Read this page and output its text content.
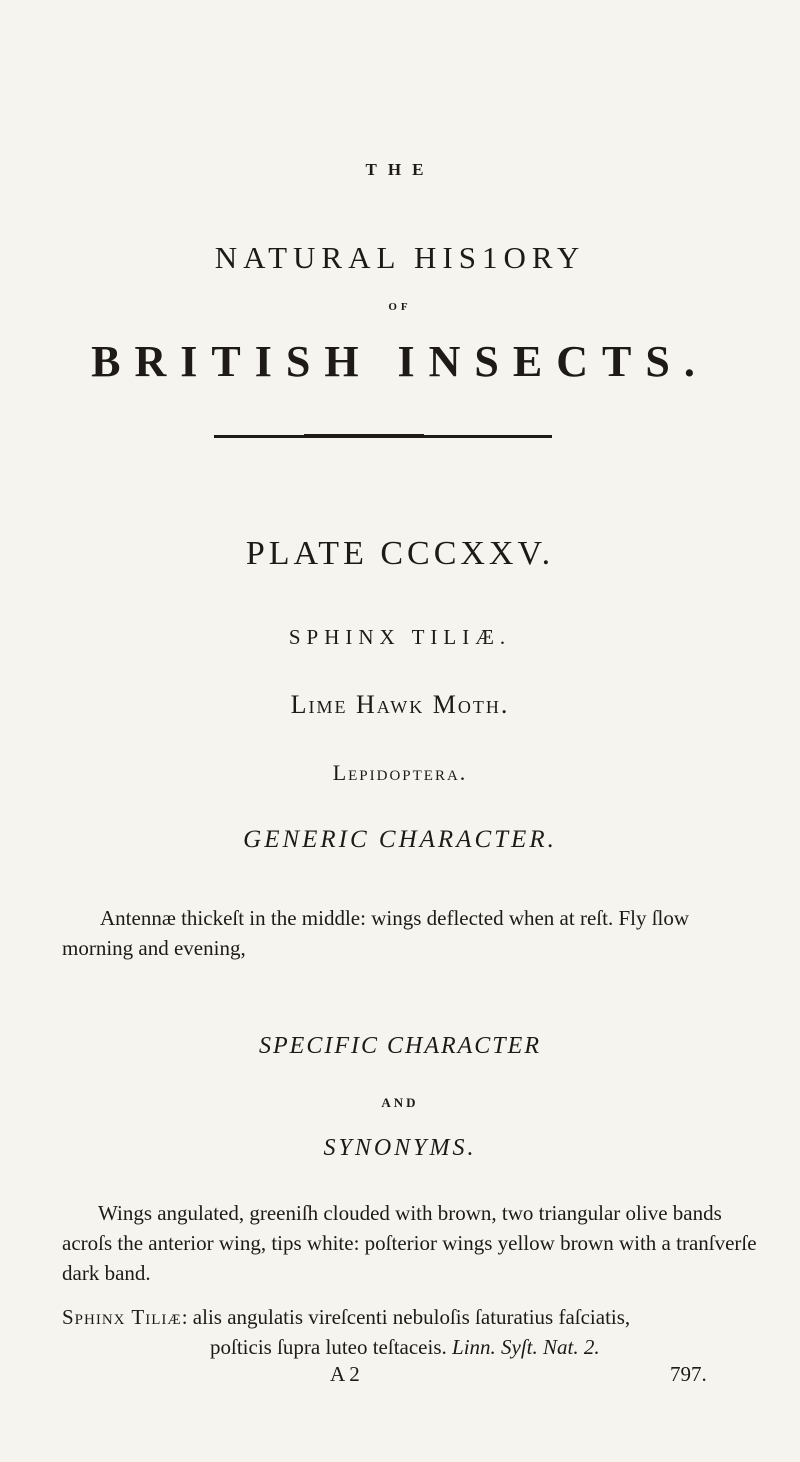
THE
NATURAL HIS1ORY
OF
BRITISH INSECTS.
PLATE CCCXXV.
SPHINX TILIÆ.
Lime Hawk Moth.
Lepidoptera.
GENERIC CHARACTER.
Antennæ thickeſt in the middle: wings deflected when at reſt. Fly ſlow morning and evening,
SPECIFIC CHARACTER
AND
SYNONYMS.
Wings angulated, greeniſh clouded with brown, two triangular olive bands acroſs the anterior wing, tips white: poſterior wings yellow brown with a tranſverſe dark band.
Sphinx Tiliæ: alis angulatis vireſcenti nebuloſis ſaturatius faſciatis,
poſticis ſupra luteo teſtaceis. Linn. Syſt. Nat. 2.
A 2	797.
